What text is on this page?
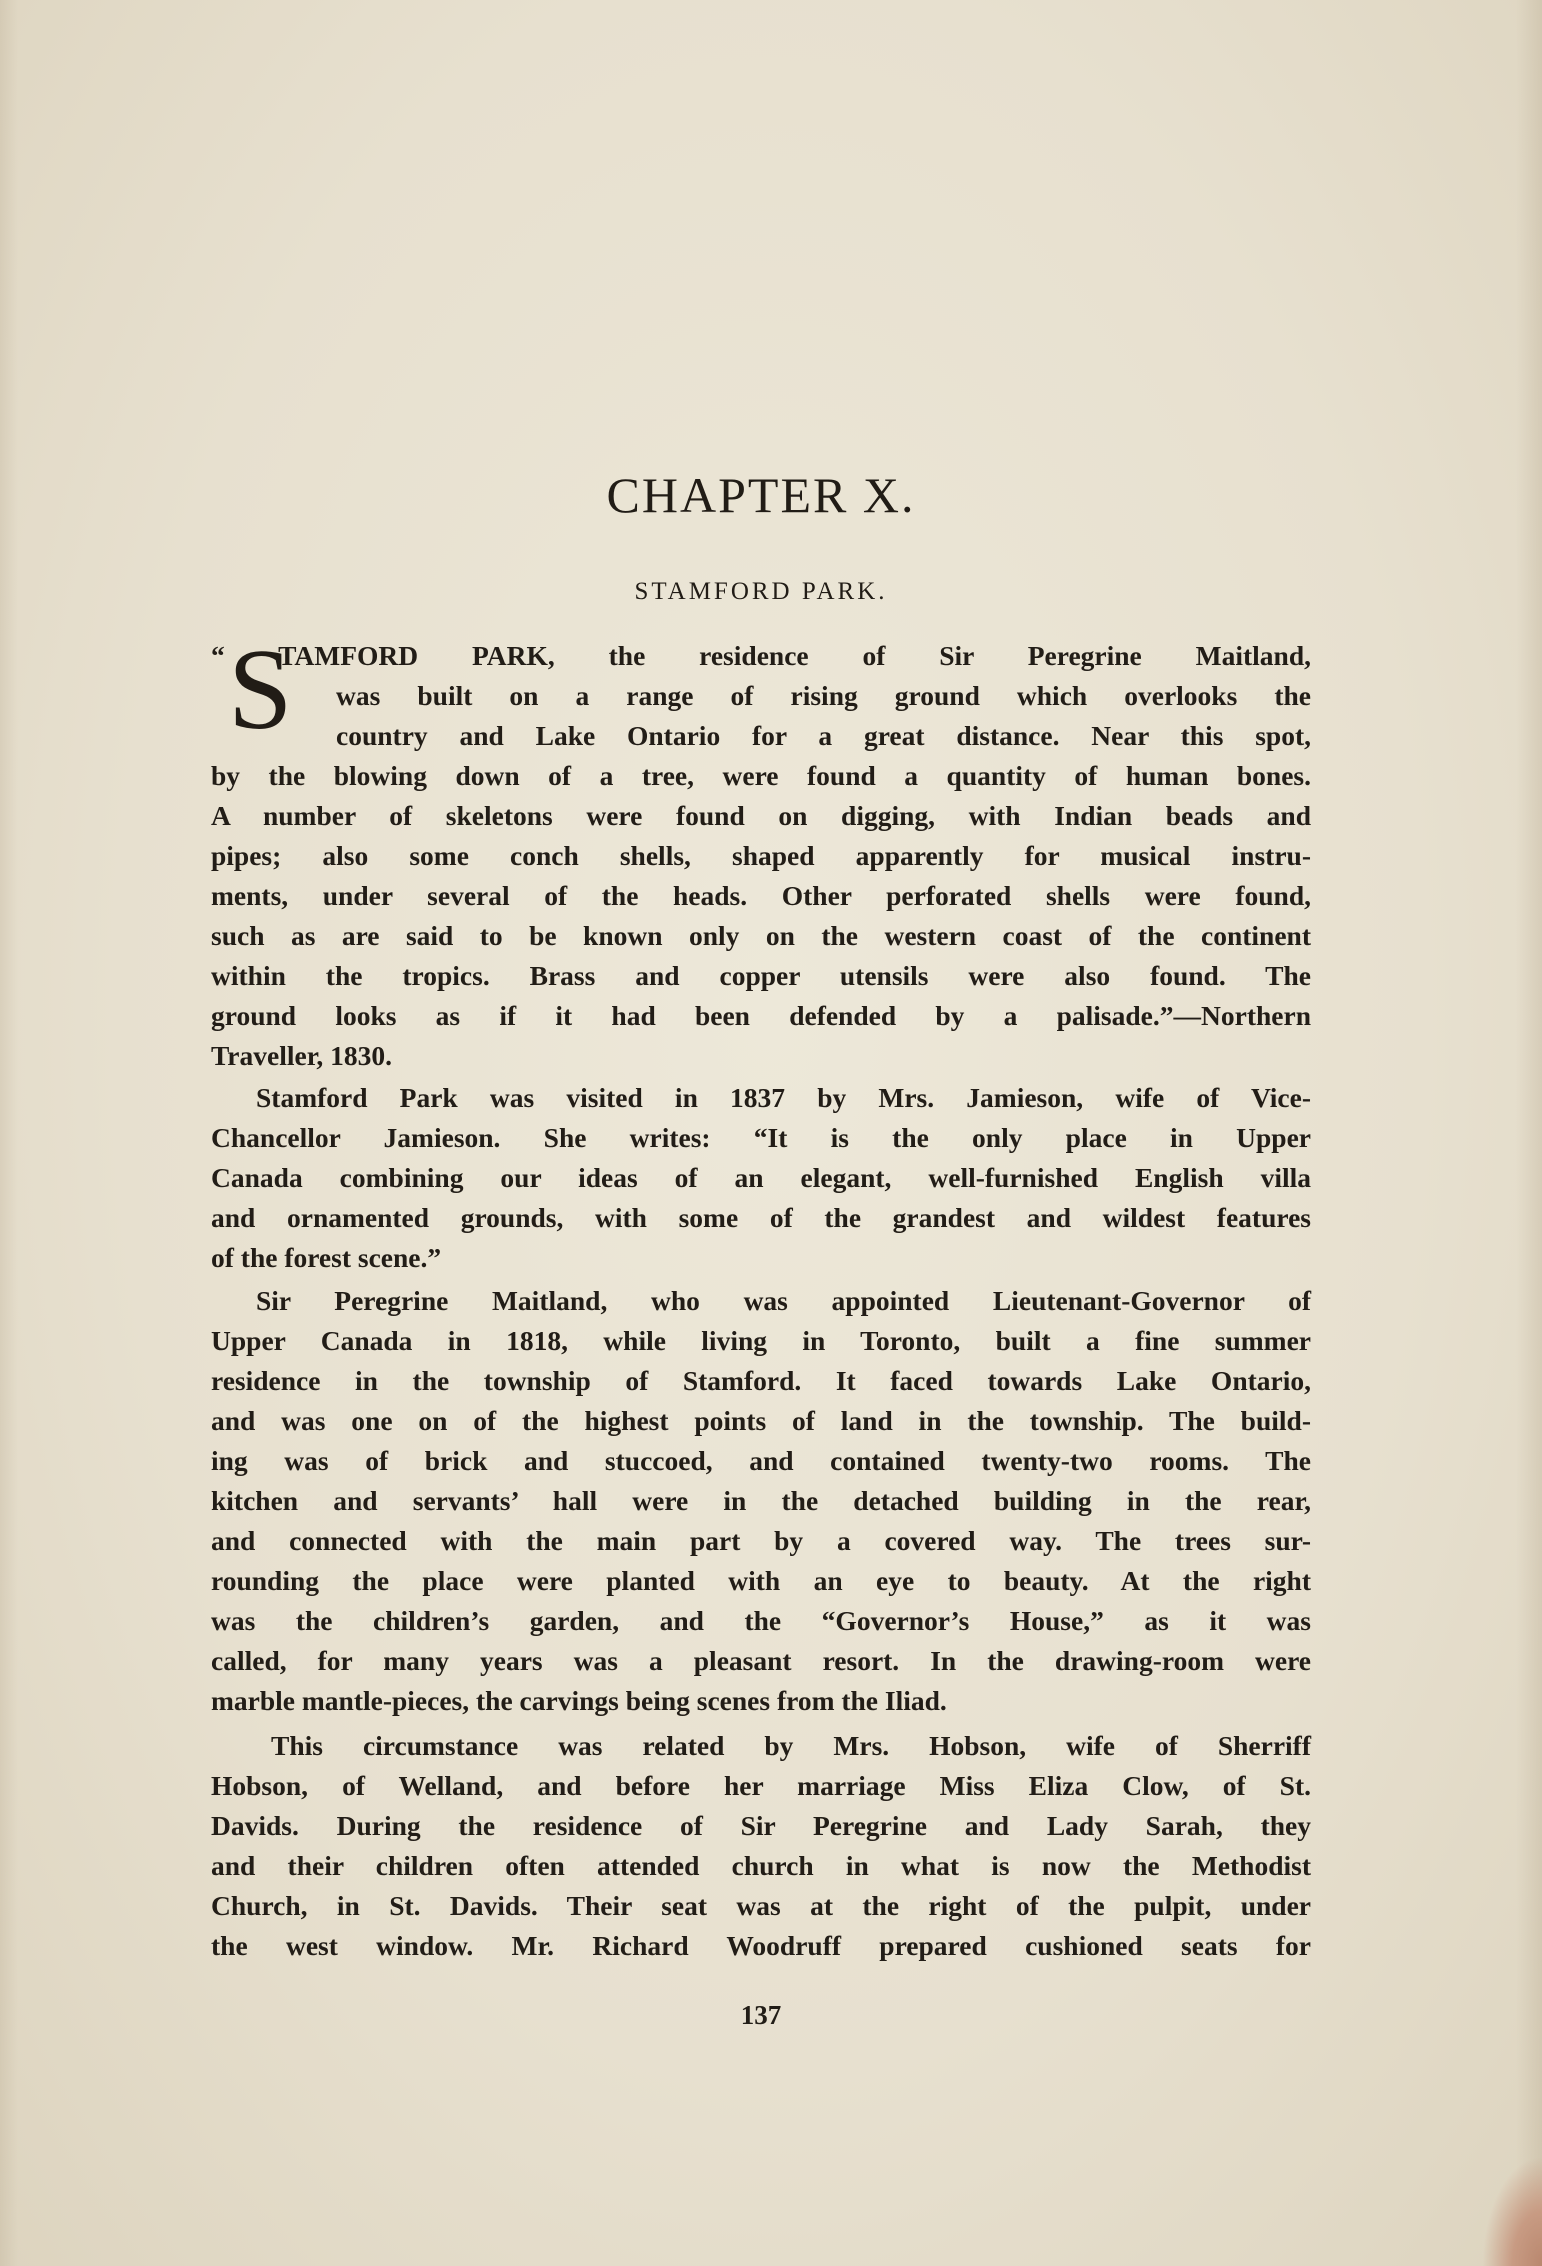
CHAPTER X.
STAMFORD PARK.
S
“ TAMFORD PARK, the residence of Sir Peregrine Maitland,
was built on a range of rising ground which overlooks the
country and Lake Ontario for a great distance. Near this spot,
by the blowing down of a tree, were found a quantity of human bones.
A number of skeletons were found on digging, with Indian beads and
pipes; also some conch shells, shaped apparently for musical instru-
ments, under several of the heads. Other perforated shells were found,
such as are said to be known only on the western coast of the continent
within the tropics. Brass and copper utensils were also found. The
ground looks as if it had been defended by a palisade.”—Northern
Traveller, 1830.
Stamford Park was visited in 1837 by Mrs. Jamieson, wife of Vice-
Chancellor Jamieson. She writes: “It is the only place in Upper
Canada combining our ideas of an elegant, well-furnished English villa
and ornamented grounds, with some of the grandest and wildest features
of the forest scene.”
Sir Peregrine Maitland, who was appointed Lieutenant-Governor of
Upper Canada in 1818, while living in Toronto, built a fine summer
residence in the township of Stamford. It faced towards Lake Ontario,
and was one on of the highest points of land in the township. The build-
ing was of brick and stuccoed, and contained twenty-two rooms. The
kitchen and servants’ hall were in the detached building in the rear,
and connected with the main part by a covered way. The trees sur-
rounding the place were planted with an eye to beauty. At the right
was the children’s garden, and the “Governor’s House,” as it was
called, for many years was a pleasant resort. In the drawing-room were
marble mantle-pieces, the carvings being scenes from the Iliad.
This circumstance was related by Mrs. Hobson, wife of Sherriff
Hobson, of Welland, and before her marriage Miss Eliza Clow, of St.
Davids. During the residence of Sir Peregrine and Lady Sarah, they
and their children often attended church in what is now the Methodist
Church, in St. Davids. Their seat was at the right of the pulpit, under
the west window. Mr. Richard Woodruff prepared cushioned seats for
137
